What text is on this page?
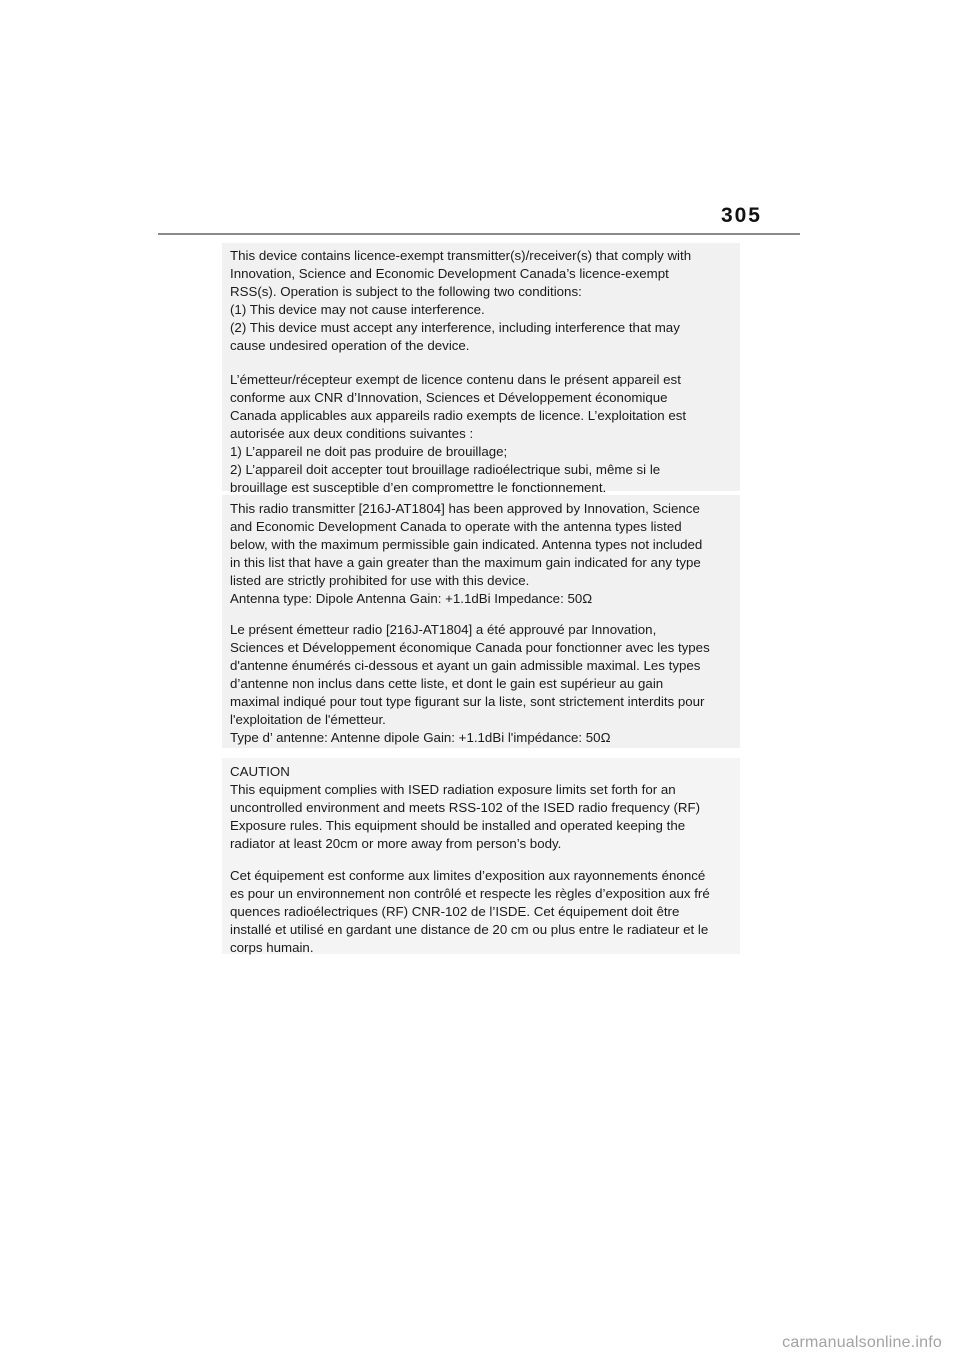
305

This device contains licence-exempt transmitter(s)/receiver(s) that comply with
Innovation, Science and Economic Development Canada’s licence-exempt
RSS(s). Operation is subject to the following two conditions:
(1) This device may not cause interference.
(2) This device must accept any interference, including interference that may
cause undesired operation of the device.

L’émetteur/récepteur exempt de licence contenu dans le présent appareil est
conforme aux CNR d’Innovation, Sciences et Développement économique
Canada applicables aux appareils radio exempts de licence. L’exploitation est
autorisée aux deux conditions suivantes :
1) L’appareil ne doit pas produire de brouillage;
2) L’appareil doit accepter tout brouillage radioélectrique subi, même si le
brouillage est susceptible d’en compromettre le fonctionnement.

This radio transmitter [216J-AT1804] has been approved by Innovation, Science
and Economic Development Canada to operate with the antenna types listed
below, with the maximum permissible gain indicated. Antenna types not included
in this list that have a gain greater than the maximum gain indicated for any type
listed are strictly prohibited for use with this device.
Antenna type: Dipole Antenna Gain: +1.1dBi Impedance: 50Ω

Le présent émetteur radio [216J-AT1804] a été approuvé par Innovation,
Sciences et Développement économique Canada pour fonctionner avec les types
d'antenne énumérés ci-dessous et ayant un gain admissible maximal. Les types
d’antenne non inclus dans cette liste, et dont le gain est supérieur au gain
maximal indiqué pour tout type figurant sur la liste, sont strictement interdits pour
l'exploitation de l'émetteur.
Type d’ antenne: Antenne dipole Gain: +1.1dBi l'impédance: 50Ω

CAUTION
This equipment complies with ISED radiation exposure limits set forth for an
uncontrolled environment and meets RSS-102 of the ISED radio frequency (RF)
Exposure rules. This equipment should be installed and operated keeping the
radiator at least 20cm or more away from person’s body.

Cet équipement est conforme aux limites d’exposition aux rayonnements énoncé
es pour un environnement non contrôlé et respecte les règles d’exposition aux fré
quences radioélectriques (RF) CNR-102 de l’ISDE. Cet équipement doit être
installé et utilisé en gardant une distance de 20 cm ou plus entre le radiateur et le
corps humain.

carmanualsonline.info
